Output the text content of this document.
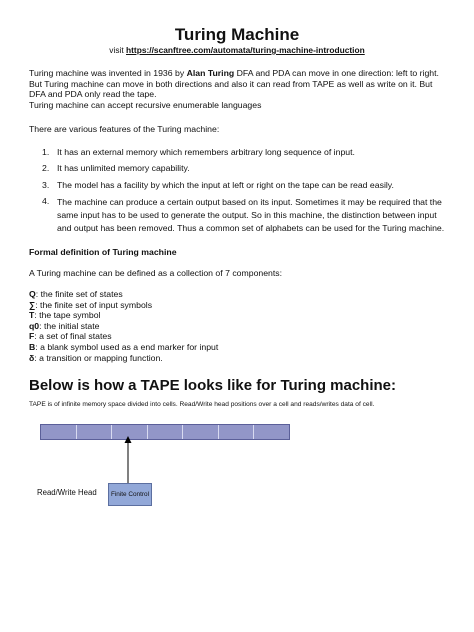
Turing Machine
visit https://scanftree.com/automata/turing-machine-introduction
Turing machine was invented in 1936 by Alan Turing DFA and PDA can move in one direction: left to right.
But Turing machine can move in both directions and also it can read from TAPE as well as write on it. But
DFA and PDA only read the tape.
Turing machine can accept recursive enumerable languages
There are various features of the Turing machine:
1. It has an external memory which remembers arbitrary long sequence of input.
2. It has unlimited memory capability.
3. The model has a facility by which the input at left or right on the tape can be read easily.
4. The machine can produce a certain output based on its input. Sometimes it may be required that the
same input has to be used to generate the output. So in this machine, the distinction between input
and output has been removed. Thus a common set of alphabets can be used for the Turing machine.
Formal definition of Turing machine
A Turing machine can be defined as a collection of 7 components:
Q: the finite set of states
∑: the finite set of input symbols
T: the tape symbol
q0: the initial state
F: a set of final states
B: a blank symbol used as a end marker for input
δ: a transition or mapping function.
Below is how a TAPE looks like for Turing machine:
TAPE is of infinite memory space divided into cells. Read/Write head positions over a cell and reads/writes data of cell.
Read/Write Head	Finite Control
